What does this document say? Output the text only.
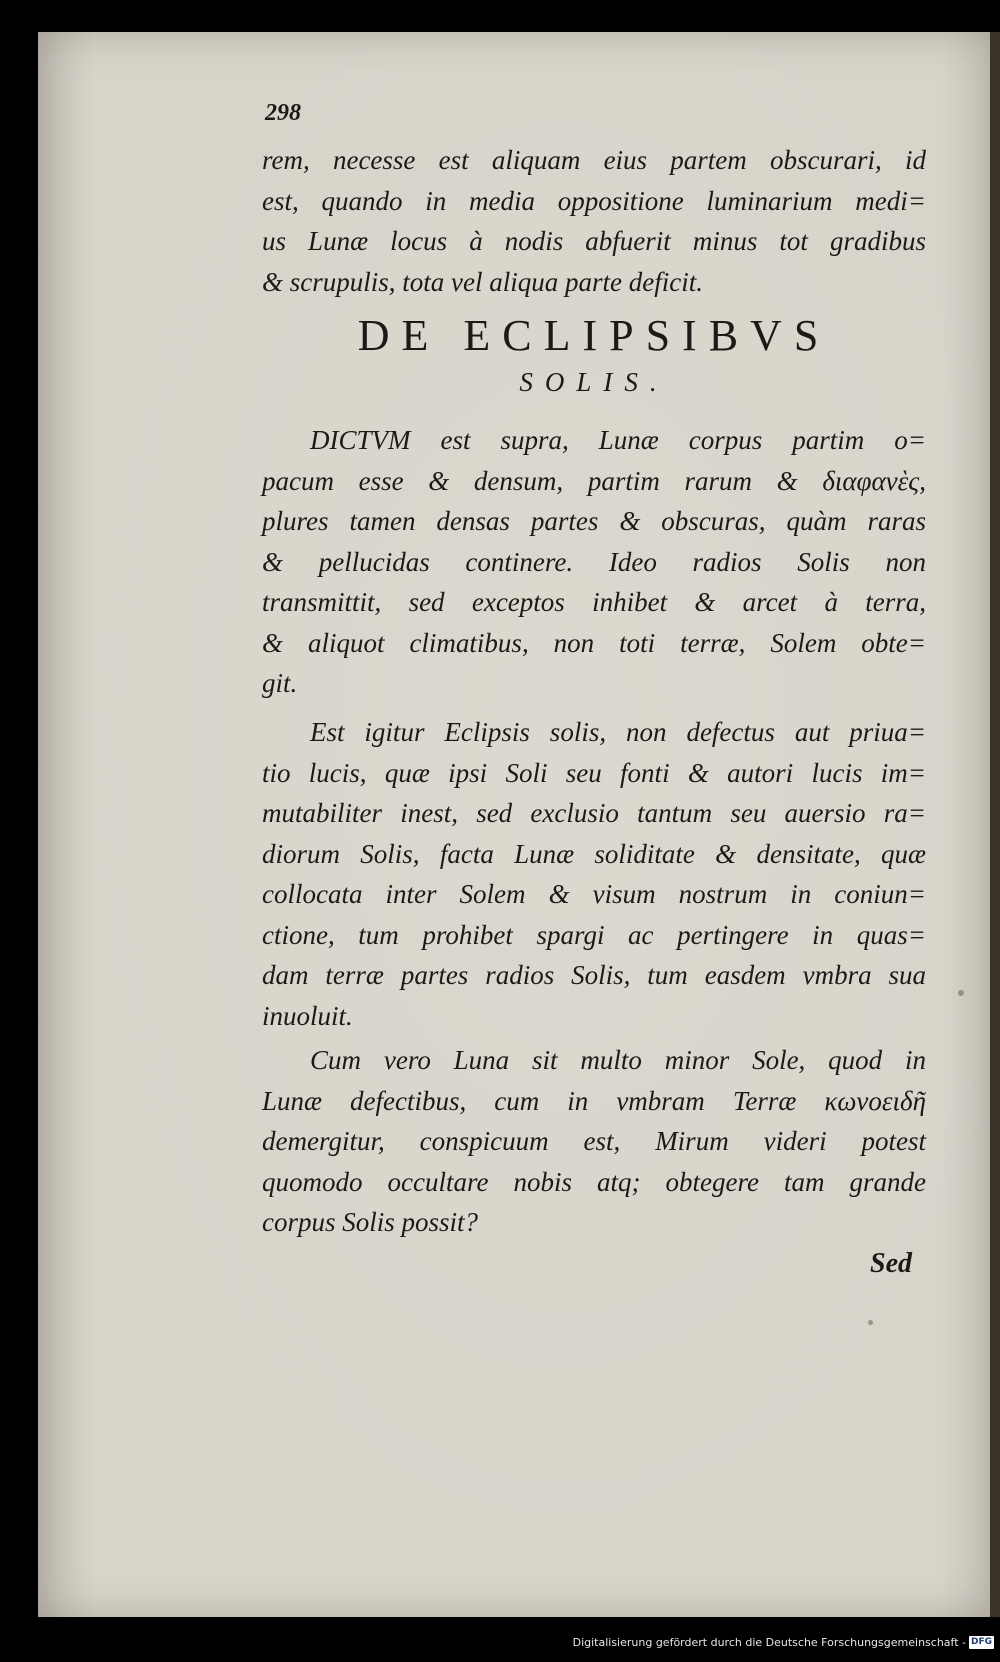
298
rem, necesse est aliquam eius partem obscurari, id
est, quando in media oppositione luminarium medi=
us Lunæ locus à nodis abfuerit minus tot gradibus
& scrupulis, tota vel aliqua parte deficit.
DE ECLIPSIBVS
SOLIS.
DICTVM est supra, Lunæ corpus partim o=
pacum esse & densum, partim rarum & διαφανὲς,
plures tamen densas partes & obscuras, quàm raras
& pellucidas continere. Ideo radios Solis non
transmittit, sed exceptos inhibet & arcet à terra,
& aliquot climatibus, non toti terræ, Solem obte=
git.
Est igitur Eclipsis solis, non defectus aut priua=
tio lucis, quæ ipsi Soli seu fonti & autori lucis im=
mutabiliter inest, sed exclusio tantum seu auersio ra=
diorum Solis, facta Lunæ soliditate & densitate, quæ
collocata inter Solem & visum nostrum in coniun=
ctione, tum prohibet spargi ac pertingere in quas=
dam terræ partes radios Solis, tum easdem vmbra sua
inuoluit.
Cum vero Luna sit multo minor Sole, quod in
Lunæ defectibus, cum in vmbram Terræ κωνοειδῆ
demergitur, conspicuum est, Mirum videri potest
quomodo occultare nobis atq; obtegere tam grande
corpus Solis possit?
Sed
Digitalisierung gefördert durch die Deutsche Forschungsgemeinschaft - DFG
